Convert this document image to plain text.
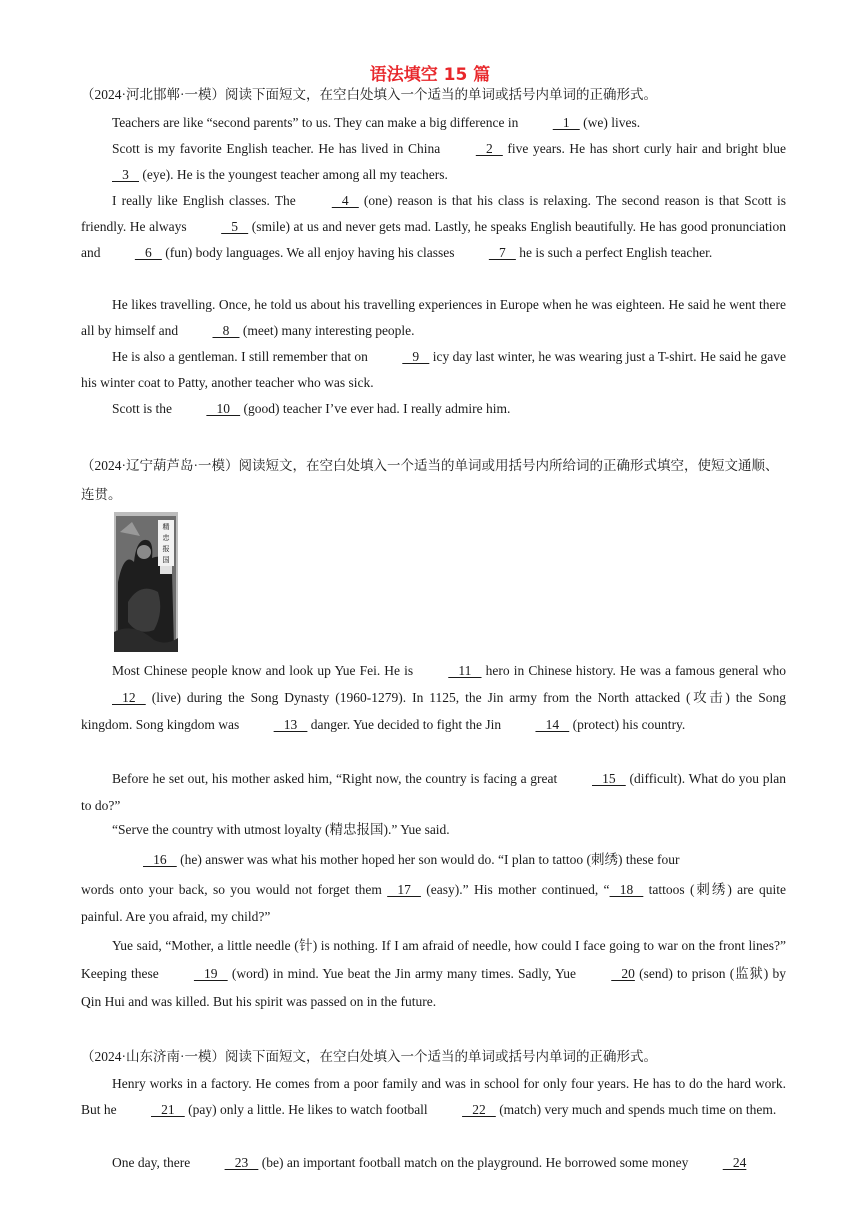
语法填空 15 篇
（2024·河北邯郸·一模）阅读下面短文，在空白处填入一个适当的单词或括号内单词的正确形式。
Teachers are like “second parents” to us. They can make a big difference in    1    (we) lives.
Scott is my favorite English teacher. He has lived in China    2    five years. He has short curly hair and bright blue    3    (eye). He is the youngest teacher among all my teachers.
I really like English classes. The    4    (one) reason is that his class is relaxing. The second reason is that Scott is friendly. He always    5    (smile) at us and never gets mad. Lastly, he speaks English beautifully. He has good pronunciation and    6    (fun) body languages. We all enjoy having his classes    7    he is such a perfect English teacher.
He likes travelling. Once, he told us about his travelling experiences in Europe when he was eighteen. He said he went there all by himself and    8    (meet) many interesting people.
He is also a gentleman. I still remember that on    9    icy day last winter, he was wearing just a T-shirt. He said he gave his winter coat to Patty, another teacher who was sick.
Scott is the    10    (good) teacher I’ve ever had. I really admire him.
（2024·辽宁葫芦岛·一模）阅读短文，在空白处填入一个适当的单词或用括号内所给词的正确形式填空，使短文通顺、连贯。
精
忠
报
国
Most Chinese people know and look up Yue Fei. He is    11    hero in Chinese history. He was a famous general who    12    (live) during the Song Dynasty (1960-1279). In 1125, the Jin army from the North attacked (攻击) the Song kingdom. Song kingdom was    13    danger. Yue decided to fight the Jin    14    (protect) his country.
Before he set out, his mother asked him, “Right now, the country is facing a great    15    (difficult). What do you plan to do?”
“Serve the country with utmost loyalty (精忠报国).” Yue said.
16    (he) answer was what his mother hoped her son would do. “I plan to tattoo (刺绣) these four
words onto your back, so you would not forget them    17    (easy).” His mother continued, “   18    tattoos (刺绣) are quite painful. Are you afraid, my child?”
Yue said, “Mother, a little needle (针) is nothing. If I am afraid of needle, how could I face going to war on the front lines?” Keeping these    19    (word) in mind. Yue beat the Jin army many times. Sadly, Yue    20 (send) to prison (监狱) by Qin Hui and was killed. But his spirit was passed on in the future.
（2024·山东济南·一模）阅读下面短文，在空白处填入一个适当的单词或括号内单词的正确形式。
Henry works in a factory. He comes from a poor family and was in school for only four years. He has to do the hard work. But he    21    (pay) only a little. He likes to watch football    22    (match) very much and spends much time on them.
One day, there    23    (be) an important football match on the playground. He borrowed some money    24
